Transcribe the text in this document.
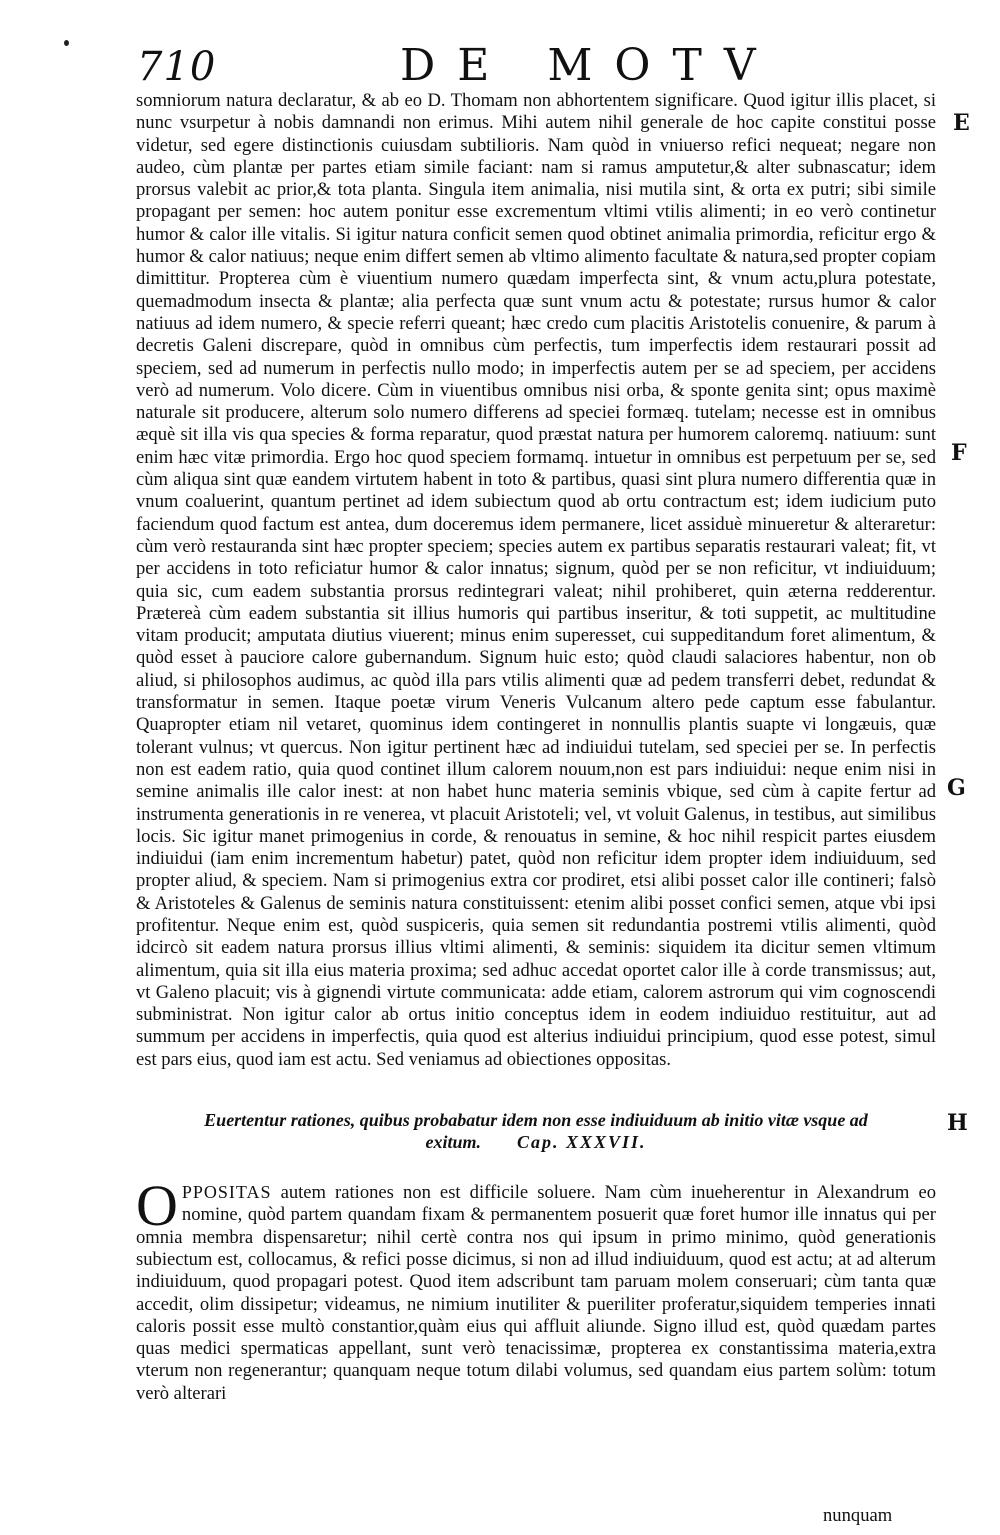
710	DE MOTV
E
F
G
H

somniorum natura declaratur, & ab eo D. Thomam non abhortentem significare. Quod igitur illis placet, si nunc vsurpetur à nobis damnandi non erimus. Mihi autem nihil generale de hoc capite constitui posse videtur, sed egere distinctionis cuiusdam subtilioris. Nam quòd in vniuerso refici nequeat; negare non audeo, cùm plantæ per partes etiam simile faciant: nam si ramus amputetur,& alter subnascatur; idem prorsus valebit ac prior,& tota planta. Singula item animalia, nisi mutila sint, & orta ex putri; sibi simile propagant per semen: hoc autem ponitur esse excrementum vltimi vtilis alimenti; in eo verò continetur humor & calor ille vitalis. Si igitur natura conficit semen quod obtinet animalia primordia, reficitur ergo & humor & calor natiuus; neque enim differt semen ab vltimo alimento facultate & natura,sed propter copiam dimittitur. Propterea cùm è viuentium numero quædam imperfecta sint, & vnum actu,plura potestate, quemadmodum insecta & plantæ; alia perfecta quæ sunt vnum actu & potestate; rursus humor & calor natiuus ad idem numero, & specie referri queant; hæc credo cum placitis Aristotelis conuenire, & parum à decretis Galeni discrepare, quòd in omnibus cùm perfectis, tum imperfectis idem restaurari possit ad speciem, sed ad numerum in perfectis nullo modo; in imperfectis autem per se ad speciem, per accidens verò ad numerum. Volo dicere. Cùm in viuentibus omnibus nisi orba, & sponte genita sint; opus maximè naturale sit producere, alterum solo numero differens ad speciei formæq. tutelam; necesse est in omnibus æquè sit illa vis qua species & forma reparatur, quod præstat natura per humorem caloremq. natiuum: sunt enim hæc vitæ primordia. Ergo hoc quod speciem formamq. intuetur in omnibus est perpetuum per se, sed cùm aliqua sint quæ eandem virtutem habent in toto & partibus, quasi sint plura numero differentia quæ in vnum coaluerint, quantum pertinet ad idem subiectum quod ab ortu contractum est; idem iudicium puto faciendum quod factum est antea, dum doceremus idem permanere, licet assiduè minueretur & alteraretur: cùm verò restauranda sint hæc propter speciem; species autem ex partibus separatis restaurari valeat; fit, vt per accidens in toto reficiatur humor & calor innatus; signum, quòd per se non reficitur, vt indiuiduum; quia sic, cum eadem substantia prorsus redintegrari valeat; nihil prohiberet, quin æterna redderentur. Prætereà cùm eadem substantia sit illius humoris qui partibus inseritur, & toti suppetit, ac multitudine vitam producit; amputata diutius viuerent; minus enim superesset, cui suppeditandum foret alimentum, & quòd esset à pauciore calore gubernandum. Signum huic esto; quòd claudi salaciores habentur, non ob aliud, si philosophos audimus, ac quòd illa pars vtilis alimenti quæ ad pedem transferri debet, redundat & transformatur in semen. Itaque poetæ virum Veneris Vulcanum altero pede captum esse fabulantur. Quapropter etiam nil vetaret, quominus idem contingeret in nonnullis plantis suapte vi longæuis, quæ tolerant vulnus; vt quercus. Non igitur pertinent hæc ad indiuidui tutelam, sed speciei per se. In perfectis non est eadem ratio, quia quod continet illum calorem nouum,non est pars indiuidui: neque enim nisi in semine animalis ille calor inest: at non habet hunc materia seminis vbique, sed cùm à capite fertur ad instrumenta generationis in re venerea, vt placuit Aristoteli; vel, vt voluit Galenus, in testibus, aut similibus locis. Sic igitur manet primogenius in corde, & renouatus in semine, & hoc nihil respicit partes eiusdem indiuidui (iam enim incrementum habetur) patet, quòd non reficitur idem propter idem indiuiduum, sed propter aliud, & speciem. Nam si primogenius extra cor prodiret, etsi alibi posset calor ille contineri; falsò & Aristoteles & Galenus de seminis natura constituissent: etenim alibi posset confici semen, atque vbi ipsi profitentur. Neque enim est, quòd suspiceris, quia semen sit redundantia postremi vtilis alimenti, quòd idcircò sit eadem natura prorsus illius vltimi alimenti, & seminis: siquidem ita dicitur semen vltimum alimentum, quia sit illa eius materia proxima; sed adhuc accedat oportet calor ille à corde transmissus; aut, vt Galeno placuit; vis à gignendi virtute communicata: adde etiam, calorem astrorum qui vim cognoscendi subministrat. Non igitur calor ab ortus initio conceptus idem in eodem indiuiduo restituitur, aut ad summum per accidens in imperfectis, quia quod est alterius indiuidui principium, quod esse potest, simul est pars eius, quod iam est actu. Sed veniamus ad obiectiones oppositas.

Euertentur rationes, quibus probabatur idem non esse indiuiduum ab initio vitæ vsque ad exitum. Cap. XXXVII.

OPPOSITAS autem rationes non est difficile soluere. Nam cùm inueherentur in Alexandrum eo nomine, quòd partem quandam fixam & permanentem posuerit quæ foret humor ille innatus qui per omnia membra dispensaretur; nihil certè contra nos qui ipsum in primo minimo, quòd generationis subiectum est, collocamus, & refici posse dicimus, si non ad illud indiuiduum, quod est actu; at ad alterum indiuiduum, quod propagari potest. Quod item adscribunt tam paruam molem conseruari; cùm tanta quæ accedit, olim dissipetur; videamus, ne nimium inutiliter & pueriliter proferatur,siquidem temperies innati caloris possit esse multò constantior,quàm eius qui affluit aliunde. Signo illud est, quòd quædam partes quas medici spermaticas appellant, sunt verò tenacissimæ, propterea ex constantissima materia,extra vterum non regenerantur; quanquam neque totum dilabi volumus, sed quandam eius partem solùm: totum verò alterari

nunquam
